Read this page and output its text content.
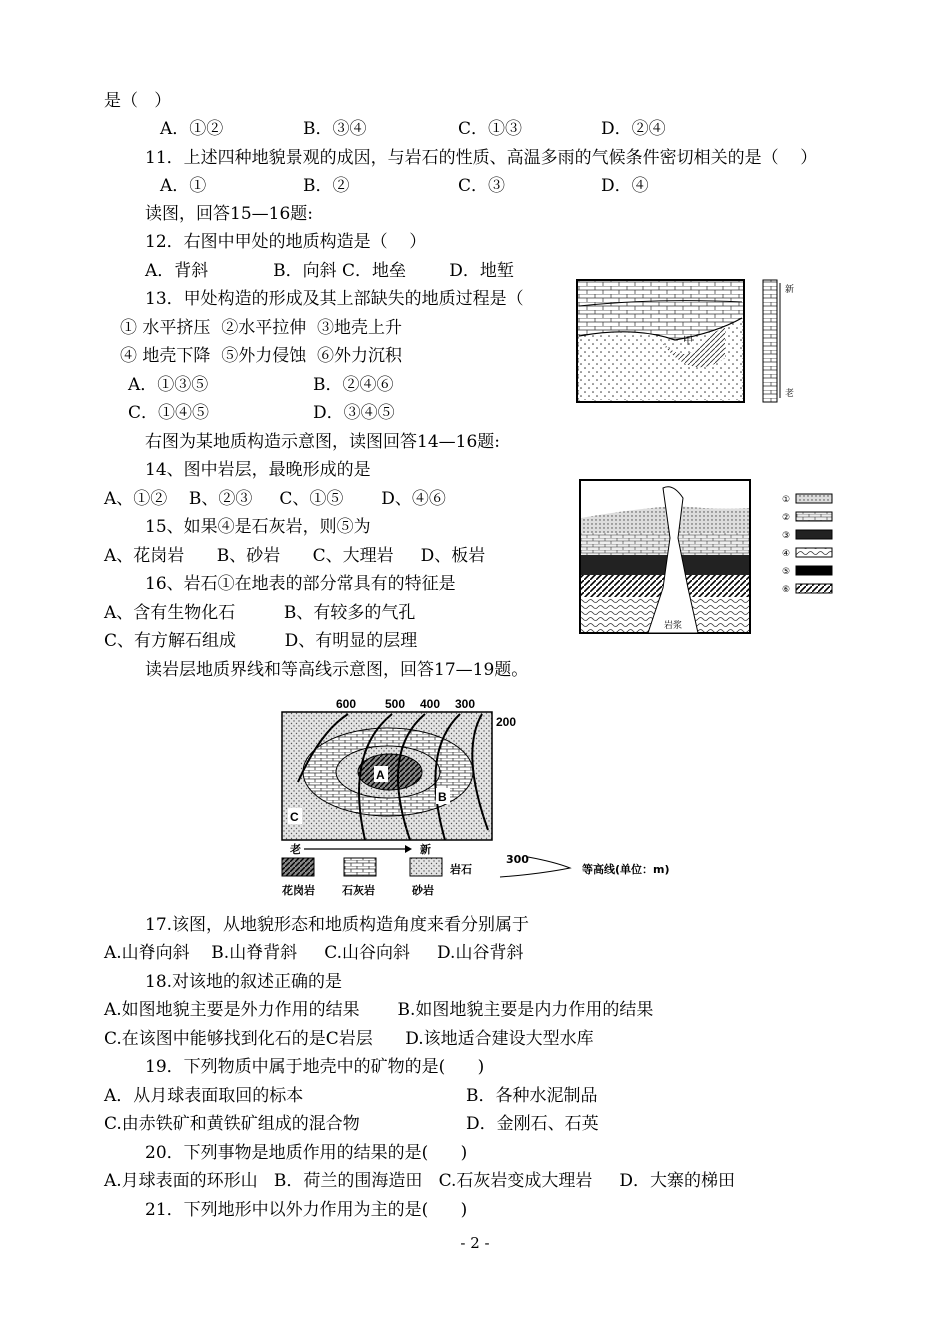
是（   ）
A．①②	B．③④	C．①③	D．②④
11．上述四种地貌景观的成因，与岩石的性质、高温多雨的气候条件密切相关的是（    ）
A．①	B．②	C．③	D．④
读图，回答15—16题:
12．右图中甲处的地质构造是（    ）
A．背斜            B．向斜 C．地垒        D．地堑
13．甲处构造的形成及其上部缺失的地质过程是（
① 水平挤压  ②水平拉伸  ③地壳上升
④ 地壳下降  ⑤外力侵蚀  ⑥外力沉积
A．①③⑤	B．②④⑥
C．①④⑤	D．③④⑤
右图为某地质构造示意图，读图回答14—16题:
14、图中岩层，最晚形成的是
A、①②    B、②③     C、①⑤       D、④⑥
15、如果④是石灰岩，则⑤为
A、花岗岩      B、砂岩      C、大理岩     D、板岩
16、岩石①在地表的部分常具有的特征是
A、含有生物化石         B、有较多的气孔
C、有方解石组成         D、有明显的层理
读岩层地质界线和等高线示意图，回答17—19题。
17.该图，从地貌形态和地质构造角度来看分别属于
A.山脊向斜    B.山脊背斜     C.山谷向斜     D.山谷背斜
18.对该地的叙述正确的是
A.如图地貌主要是外力作用的结果       B.如图地貌主要是内力作用的结果
C.在该图中能够找到化石的是C岩层      D.该地适合建设大型水库
19．下列物质中属于地壳中的矿物的是(      )
A．从月球表面取回的标本	B．各种水泥制品
C.由赤铁矿和黄铁矿组成的混合物	D．金刚石、石英
20．下列事物是地质作用的结果的是(      )
A.月球表面的环形山   B．荷兰的围海造田   C.石灰岩变成大理岩     D．大寨的梯田
21．下列地形中以外力作用为主的是(      )
甲
新
老
岩浆
①
②
③
④
⑤
⑥
600 500 400 300
200
A
B
C
老	新
岩石
花岗岩 石灰岩	砂岩
300
等高线(单位：m)
- 2 -
